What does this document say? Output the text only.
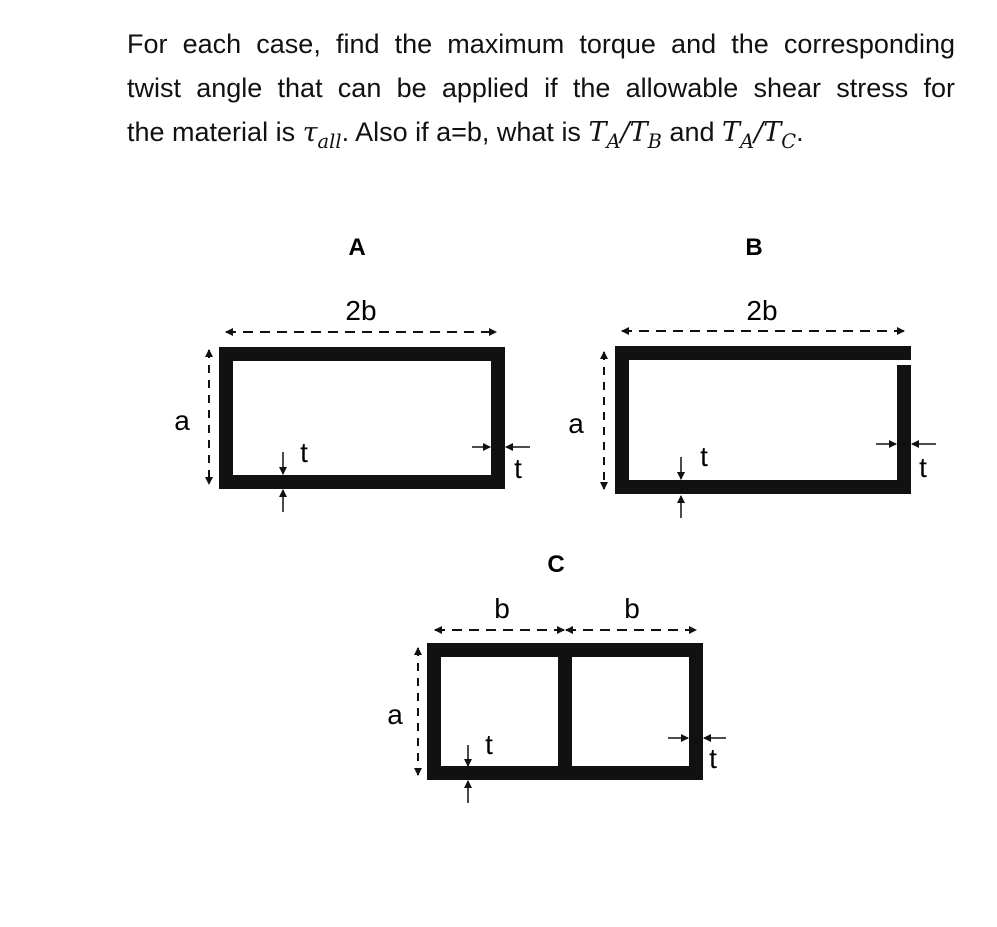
For each case, find the maximum torque and the corresponding
twist angle that can be applied if the allowable shear stress for
the material is $\tau_{all}$. Also if a=b, what is $T_A/T_B$ and $T_A/T_C$.
A
2b
a
t
t
B
2b
a
t	t
C
b	b
a
t	t
